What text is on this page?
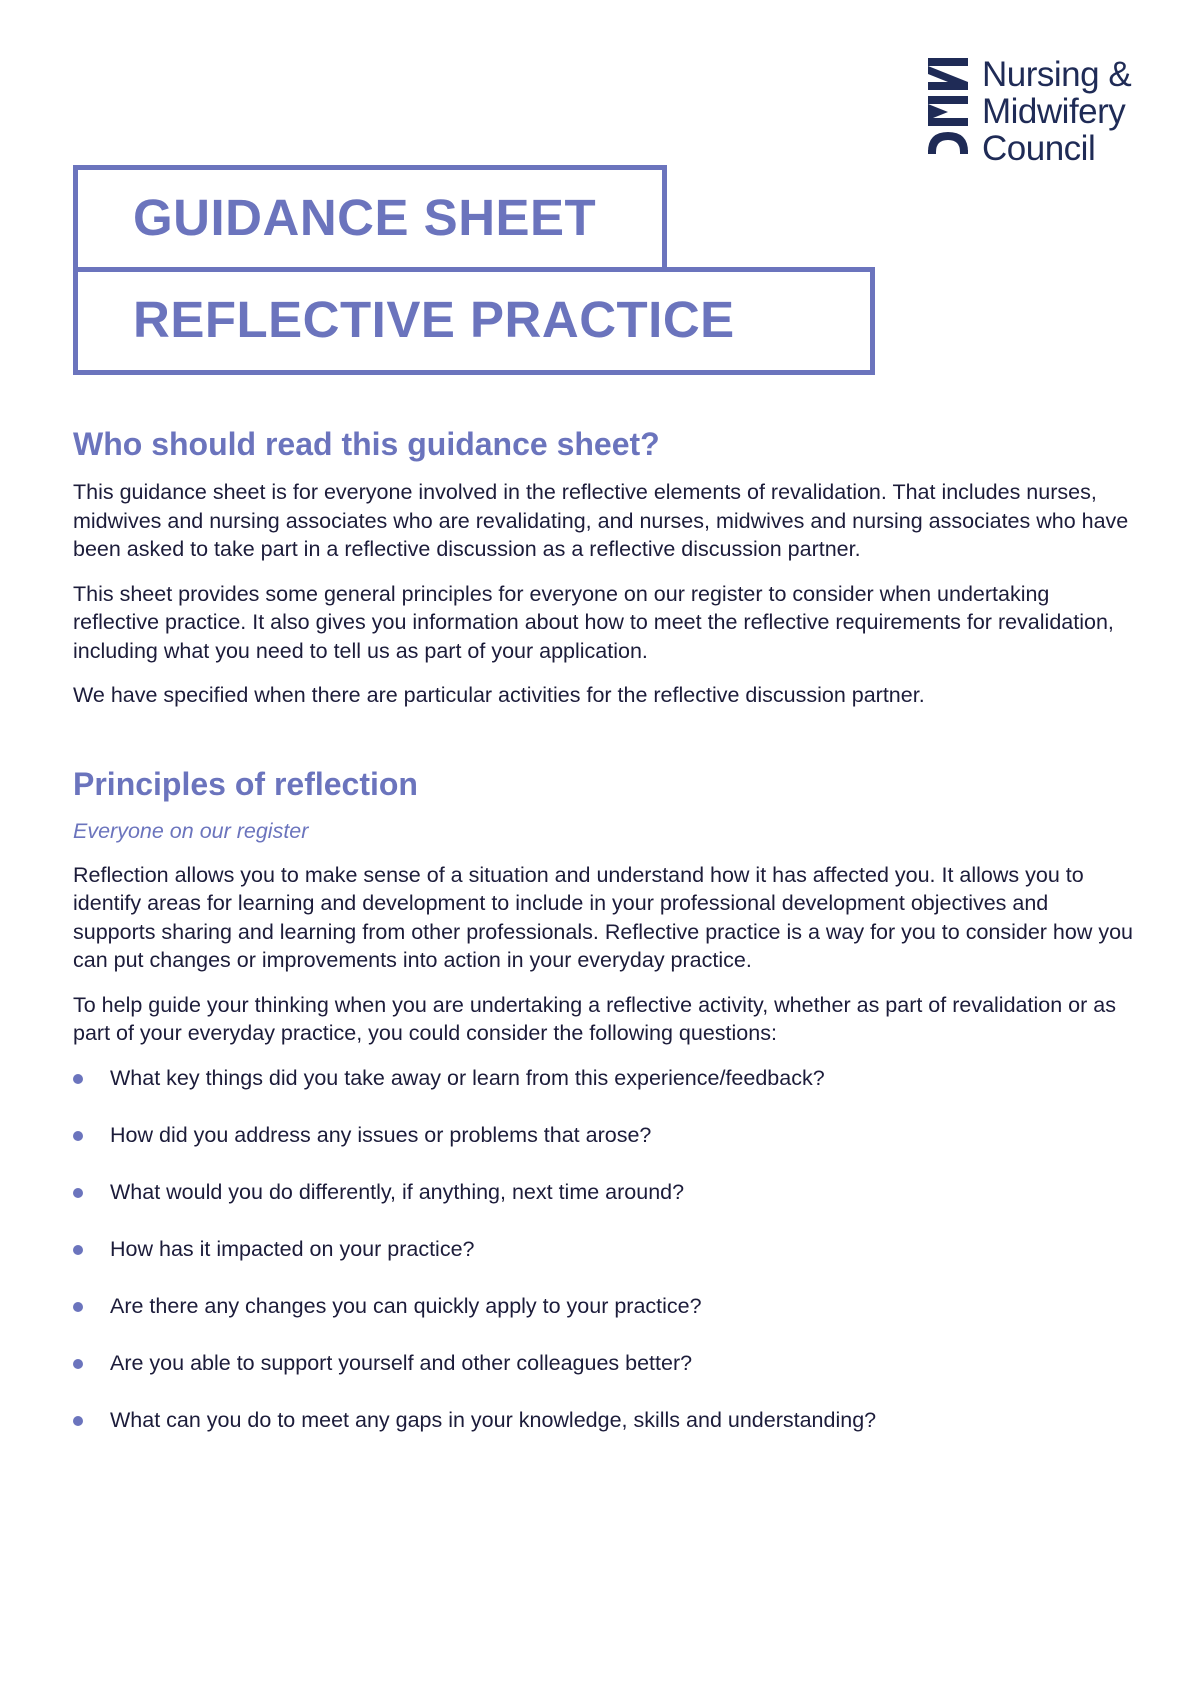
Nursing &
Midwifery
Council
GUIDANCE SHEET
REFLECTIVE PRACTICE
Who should read this guidance sheet?

This guidance sheet is for everyone involved in the reflective elements of revalidation. That includes nurses, midwives and nursing associates who are revalidating, and nurses, midwives and nursing associates who have been asked to take part in a reflective discussion as a reflective discussion partner.

This sheet provides some general principles for everyone on our register to consider when undertaking reflective practice. It also gives you information about how to meet the reflective requirements for revalidation, including what you need to tell us as part of your application.

We have specified when there are particular activities for the reflective discussion partner.

Principles of reflection
Everyone on our register

Reflection allows you to make sense of a situation and understand how it has affected you. It allows you to identify areas for learning and development to include in your professional development objectives and supports sharing and learning from other professionals. Reflective practice is a way for you to consider how you can put changes or improvements into action in your everyday practice.

To help guide your thinking when you are undertaking a reflective activity, whether as part of revalidation or as part of your everyday practice, you could consider the following questions:

What key things did you take away or learn from this experience/feedback?
How did you address any issues or problems that arose?
What would you do differently, if anything, next time around?
How has it impacted on your practice?
Are there any changes you can quickly apply to your practice?
Are you able to support yourself and other colleagues better?
What can you do to meet any gaps in your knowledge, skills and understanding?
